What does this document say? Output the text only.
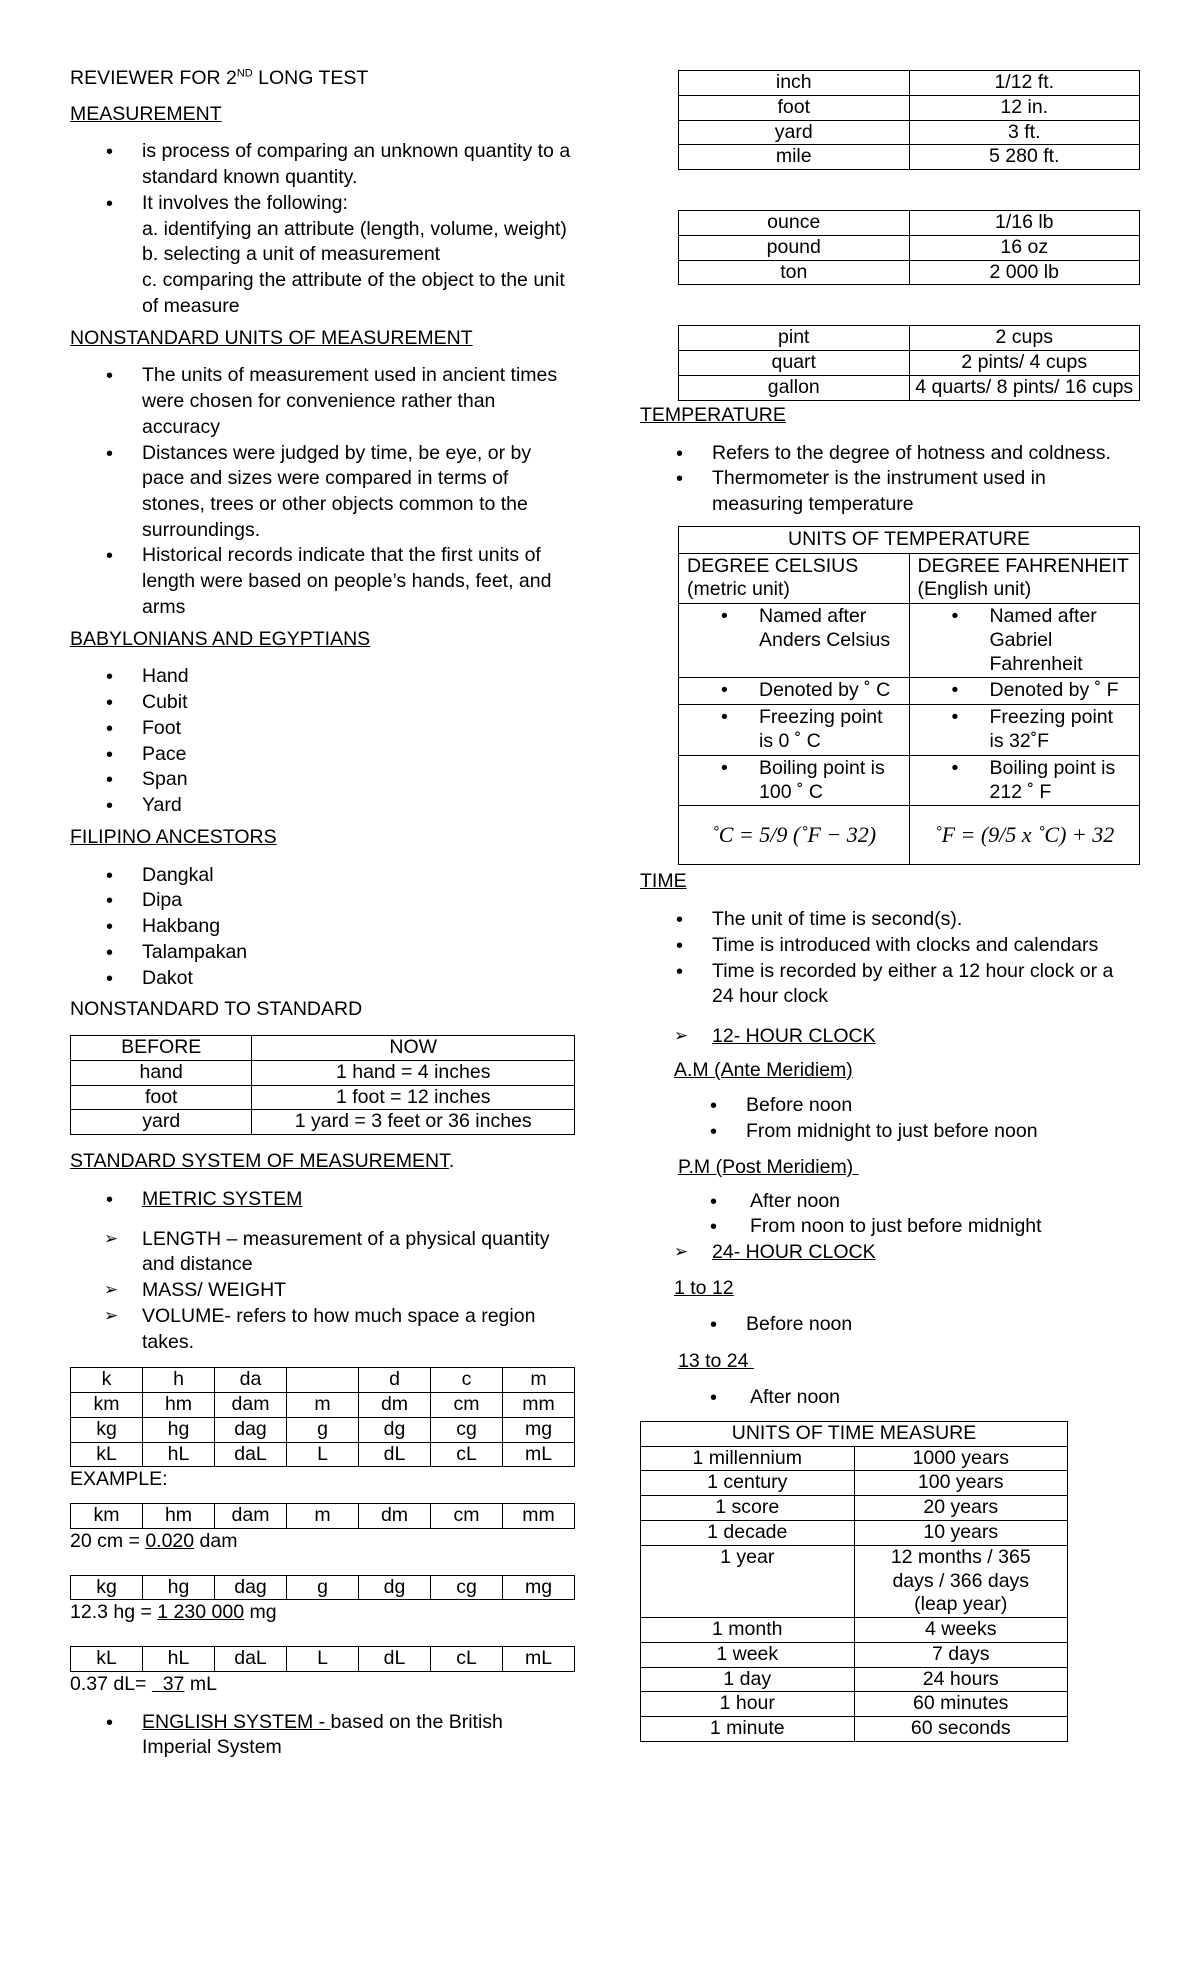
REVIEWER FOR 2ND LONG TEST

MEASUREMENT

• is process of comparing an unknown quantity to a standard known quantity.
• It involves the following:
a. identifying an attribute (length, volume, weight)
b. selecting a unit of measurement
c. comparing the attribute of the object to the unit of measure

NONSTANDARD UNITS OF MEASUREMENT

• The units of measurement used in ancient times were chosen for convenience rather than accuracy
• Distances were judged by time, be eye, or by pace and sizes were compared in terms of stones, trees or other objects common to the surroundings.
• Historical records indicate that the first units of length were based on people’s hands, feet, and arms

BABYLONIANS AND EGYPTIANS

• Hand
• Cubit
• Foot
• Pace
• Span
• Yard

FILIPINO ANCESTORS

• Dangkal
• Dipa
• Hakbang
• Talampakan
• Dakot

NONSTANDARD TO STANDARD

BEFORE	NOW
hand	1 hand = 4 inches
foot	1 foot = 12 inches
yard	1 yard = 3 feet or 36 inches

STANDARD SYSTEM OF MEASUREMENT.

• METRIC SYSTEM
➢ LENGTH – measurement of a physical quantity and distance
➢ MASS/ WEIGHT
➢ VOLUME- refers to how much space a region takes.
k	h	da		d	c	m
km	hm	dam	m	dm	cm	mm
kg	hg	dag	g	dg	cg	mg
kL	hL	daL	L	dL	cL	mL

EXAMPLE:

km	hm	dam	m	dm	cm	mm

20 cm = 0.020 dam

kg	hg	dag	g	dg	cg	mg

12.3 hg = 1 230 000 mg

kL	hL	daL	L	dL	cL	mL

0.37 dL=   37 mL

• ENGLISH SYSTEM - based on the British Imperial System
inch	1/12 ft.
foot	12 in.
yard	3 ft.
mile	5 280 ft.
ounce	1/16 lb
pound	16 oz
ton	2 000 lb
pint	2 cups
quart	2 pints/ 4 cups
gallon	4 quarts/ 8 pints/ 16 cups

TEMPERATURE

• Refers to the degree of hotness and coldness.
• Thermometer is the instrument used in measuring temperature
UNITS OF TEMPERATURE	
DEGREE CELSIUS (metric unit)	DEGREE FAHRENHEIT (English unit)
• Named after Anders Celsius	• Named after Gabriel Fahrenheit
• Denoted by ˚ C	• Denoted by ˚ F
• Freezing point is 0 ˚ C	• Freezing point is 32˚F
• Boiling point is 100 ˚ C	• Boiling point is 212 ˚ F
˚C = 5/9 (˚F − 32)	˚F = (9/5 x ˚C) + 32

TIME

• The unit of time is second(s).
• Time is introduced with clocks and calendars
• Time is recorded by either a 12 hour clock or a 24 hour clock
➢ 12- HOUR CLOCK

A.M (Ante Meridiem)

• Before noon
• From midnight to just before noon

P.M (Post Meridiem)

• After noon
• From noon to just before midnight
➢ 24- HOUR CLOCK

1 to 12

• Before noon

13 to 24

• After noon
UNITS OF TIME MEASURE	
1 millennium	1000 years
1 century	100 years
1 score	20 years
1 decade	10 years
1 year	12 months / 365 days / 366 days (leap year)
1 month	4 weeks
1 week	7 days
1 day	24 hours
1 hour	60 minutes
1 minute	60 seconds
